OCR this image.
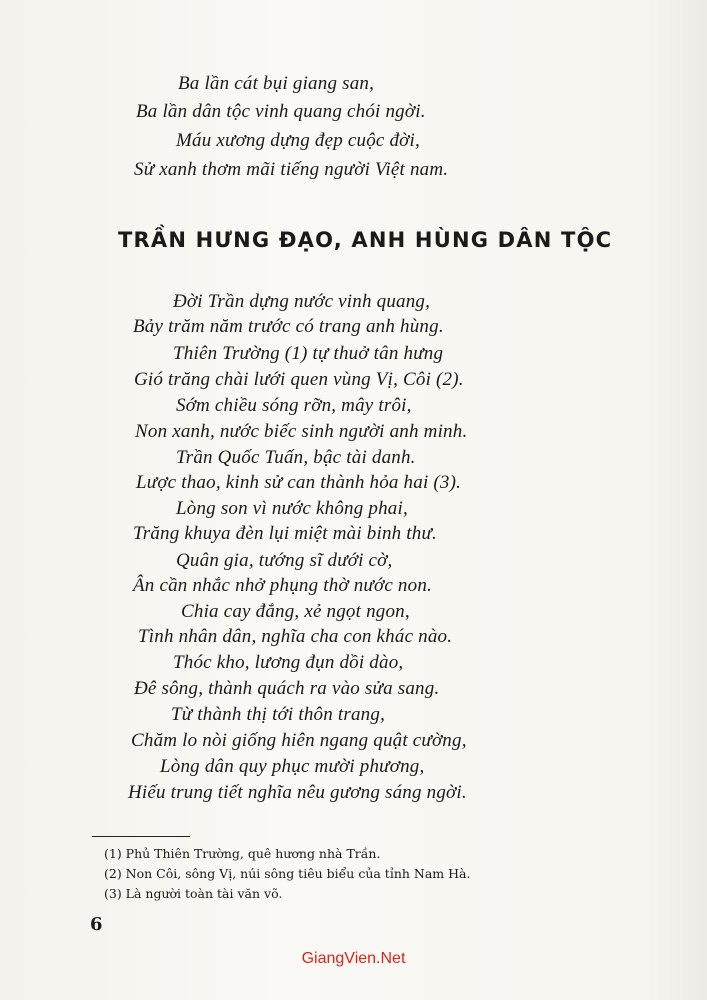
Ba lần cát bụi giang san,
Ba lần dân tộc vinh quang chói ngời.
Máu xương dựng đẹp cuộc đời,
Sử xanh thơm mãi tiếng người Việt nam.
TRẦN HƯNG ĐẠO, ANH HÙNG DÂN TỘC
Đời Trần dựng nước vinh quang,
Bảy trăm năm trước có trang anh hùng.
Thiên Trường (1) tự thuở tân hưng
Gió trăng chài lưới quen vùng Vị, Côi (2).
Sớm chiều sóng rỡn, mây trôi,
Non xanh, nước biếc sinh người anh minh.
Trần Quốc Tuấn, bậc tài danh.
Lược thao, kinh sử can thành hỏa hai (3).
Lòng son vì nước không phai,
Trăng khuya đèn lụi miệt mài binh thư.
Quân gia, tướng sĩ dưới cờ,
Ân cần nhắc nhở phụng thờ nước non.
Chia cay đắng, xẻ ngọt ngon,
Tình nhân dân, nghĩa cha con khác nào.
Thóc kho, lương đụn dồi dào,
Đê sông, thành quách ra vào sửa sang.
Từ thành thị tới thôn trang,
Chăm lo nòi giống hiên ngang quật cường,
Lòng dân quy phục mười phương,
Hiếu trung tiết nghĩa nêu gương sáng ngời.
(1) Phủ Thiên Trường, quê hương nhà Trần.
(2) Non Côi, sông Vị, núi sông tiêu biểu của tỉnh Nam Hà.
(3) Là người toàn tài văn võ.
6
GiangVien.Net
